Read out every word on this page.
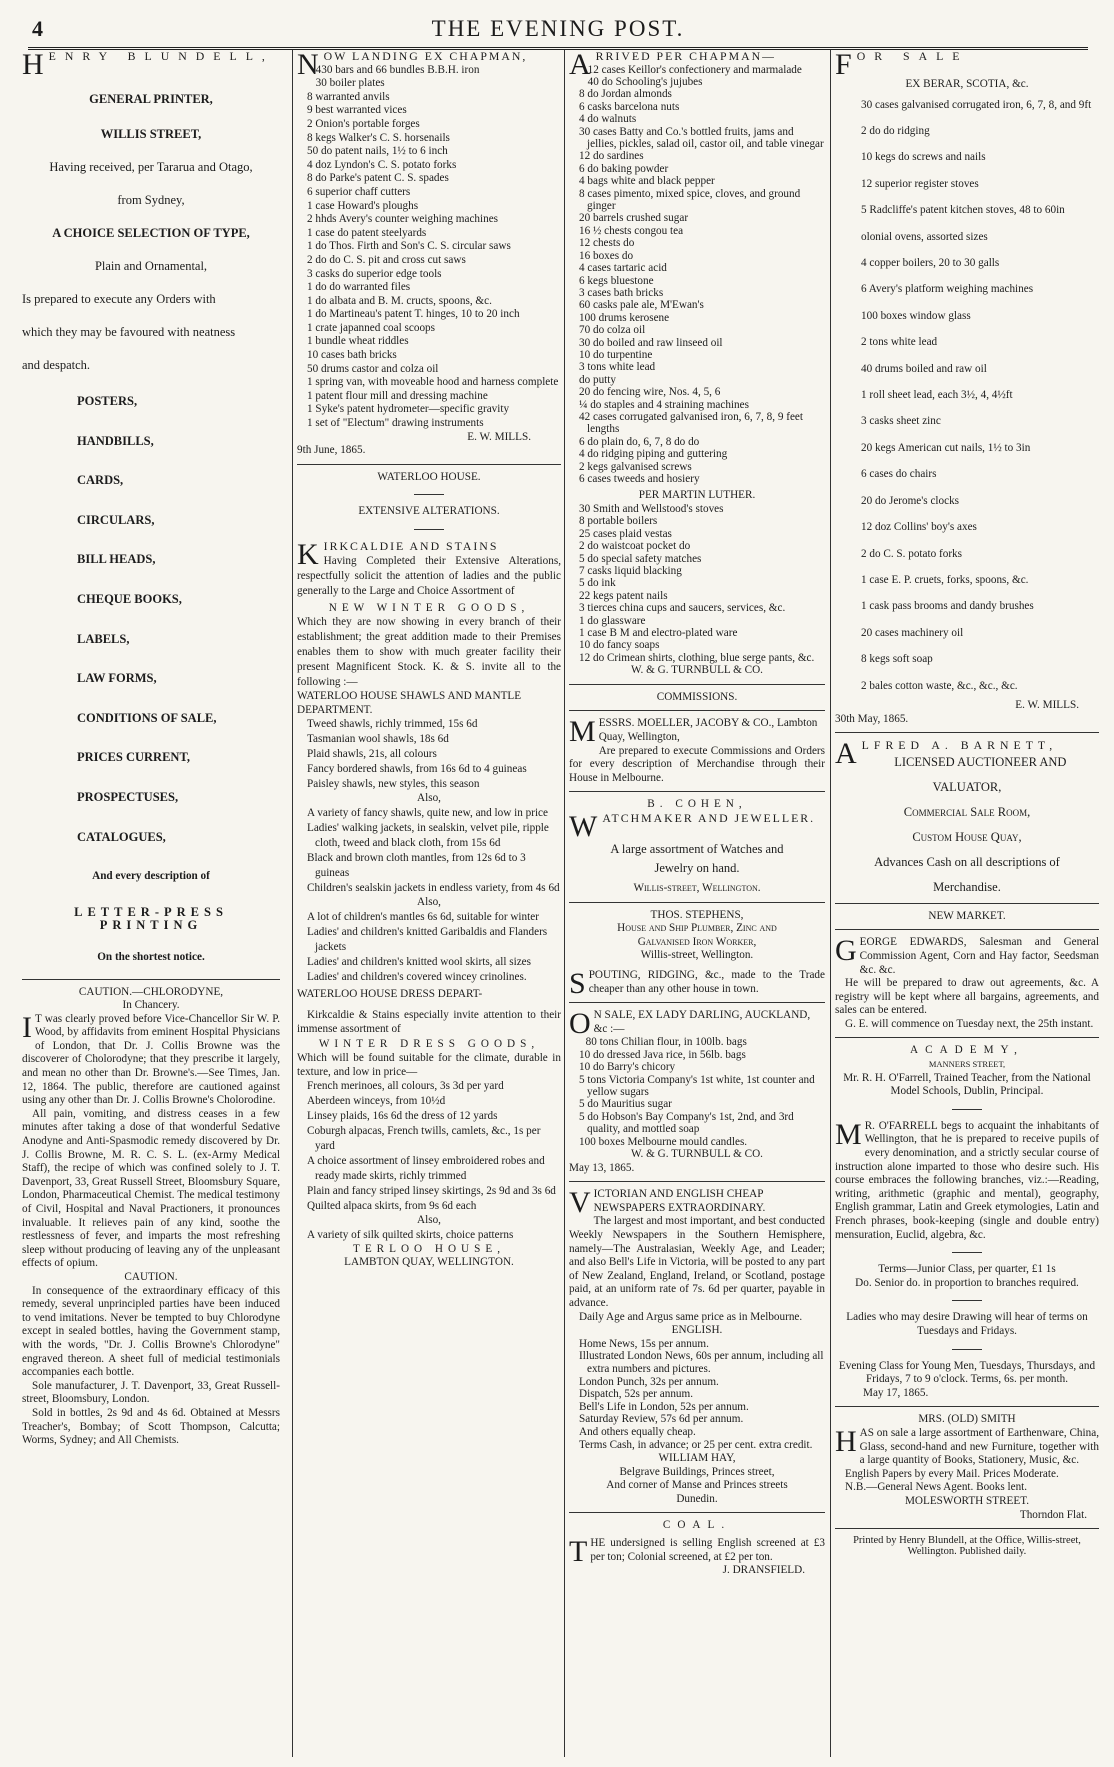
4	THE EVENING POST.

HENRY BLUNDELL,

GENERAL PRINTER,

WILLIS STREET,

Having received, per Tararua and Otago,

from Sydney,

A CHOICE SELECTION OF TYPE,

Plain and Ornamental,

Is prepared to execute any Orders with

which they may be favoured with neatness

and despatch.

POSTERS,

HANDBILLS,

CARDS,

CIRCULARS,

BILL HEADS,

CHEQUE BOOKS,

LABELS,

LAW FORMS,

CONDITIONS OF SALE,

PRICES CURRENT,

PROSPECTUSES,

CATALOGUES,

And every description of

LETTER-PRESS PRINTING

On the shortest notice.

CAUTION.—CHLORODYNE,

In Chancery.

I T was clearly proved before Vice-Chancellor Sir W. P. Wood, by affidavits from eminent Hospital Physicians of London, that Dr. J. Collis Browne was the discoverer of Cholorodyne; that they prescribe it largely, and mean no other than Dr. Browne's.—See Times, Jan. 12, 1864. The public, therefore are cautioned against using any other than Dr. J. Collis Browne's Cholorodine.

All pain, vomiting, and distress ceases in a few minutes after taking a dose of that wonderful Sedative Anodyne and Anti-Spasmodic remedy discovered by Dr. J. Collis Browne, M. R. C. S. L. (ex-Army Medical Staff), the recipe of which was confined solely to J. T. Davenport, 33, Great Russell Street, Bloomsbury Square, London, Pharmaceutical Chemist. The medical testimony of Civil, Hospital and Naval Practioners, it pronounces invaluable. It relieves pain of any kind, soothe the restlessness of fever, and imparts the most refreshing sleep without producing of leaving any of the unpleasant effects of opium.

CAUTION.

In consequence of the extraordinary efficacy of this remedy, several unprincipled parties have been induced to vend imitations. Never be tempted to buy Chlorodyne except in sealed bottles, having the Government stamp, with the words, "Dr. J. Collis Browne's Chlorodyne" engraved thereon. A sheet full of medicial testimonials accompanies each bottle.

Sole manufacturer, J. T. Davenport, 33, Great Russell-street, Bloomsbury, London.

Sold in bottles, 2s 9d and 4s 6d. Obtained at Messrs Treacher's, Bombay; of Scott Thompson, Calcutta; Worms, Sydney; and All Chemists.

NOW LANDING EX CHAPMAN,

430 bars and 66 bundles B.B.H. iron

30 boiler plates

8 warranted anvils

9 best warranted vices

2 Onion's portable forges

8 kegs Walker's C. S. horsenails

50 do patent nails, 1½ to 6 inch

4 doz Lyndon's C. S. potato forks

8 do Parke's patent C. S. spades

6 superior chaff cutters

1 case Howard's ploughs

2 hhds Avery's counter weighing machines

1 case do patent steelyards

1 do Thos. Firth and Son's C. S. circular saws

2 do do C. S. pit and cross cut saws

3 casks do superior edge tools

1 do do warranted files

1 do albata and B. M. cructs, spoons, &c.

1 do Martineau's patent T. hinges, 10 to 20 inch

1 crate japanned coal scoops

1 bundle wheat riddles

10 cases bath bricks

50 drums castor and colza oil

1 spring van, with moveable hood and harness complete

1 patent flour mill and dressing machine

1 Syke's patent hydrometer—specific gravity

1 set of "Electum" drawing instruments

E. W. MILLS.

9th June, 1865.

WATERLOO HOUSE.

EXTENSIVE ALTERATIONS.

KIRKCALDIE AND STAINS

Having Completed their Extensive Alterations, respectfully solicit the attention of ladies and the public generally to the Large and Choice Assortment of

NEW WINTER GOODS,

Which they are now showing in every branch of their establishment; the great addition made to their Premises enables them to show with much greater facility their present Magnificent Stock. K. & S. invite all to the following :—

WATERLOO HOUSE SHAWLS AND MANTLE DEPARTMENT.

Tweed shawls, richly trimmed, 15s 6d

Tasmanian wool shawls, 18s 6d

Plaid shawls, 21s, all colours

Fancy bordered shawls, from 16s 6d to 4 guineas

Paisley shawls, new styles, this season

Also,

A variety of fancy shawls, quite new, and low in price

Ladies' walking jackets, in sealskin, velvet pile, ripple cloth, tweed and black cloth, from 15s 6d

Black and brown cloth mantles, from 12s 6d to 3 guineas

Children's sealskin jackets in endless variety, from 4s 6d

Also,

A lot of children's mantles 6s 6d, suitable for winter

Ladies' and children's knitted Garibaldis and Flanders jackets

Ladies' and children's knitted wool skirts, all sizes

Ladies' and children's covered wincey crinolines.

WATERLOO HOUSE DRESS DEPART-

Kirkcaldie & Stains especially invite attention to their immense assortment of

WINTER DRESS GOODS,

Which will be found suitable for the climate, durable in texture, and low in price—

French merinoes, all colours, 3s 3d per yard

Aberdeen winceys, from 10½d

Linsey plaids, 16s 6d the dress of 12 yards

Coburgh alpacas, French twills, camlets, &c., 1s per yard

A choice assortment of linsey embroidered robes and ready made skirts, richly trimmed

Plain and fancy striped linsey skirtings, 2s 9d and 3s 6d

Quilted alpaca skirts, from 9s 6d each

Also,

A variety of silk quilted skirts, choice patterns

TERLOO HOUSE,

LAMBTON QUAY, WELLINGTON.

ARRIVED PER CHAPMAN—

12 cases Keillor's confectionery and marmalade

40 do Schooling's jujubes

8 do Jordan almonds

6 casks barcelona nuts

4 do walnuts

30 cases Batty and Co.'s bottled fruits, jams and jellies, pickles, salad oil, castor oil, and table vinegar

12 do sardines

6 do baking powder

4 bags white and black pepper

8 cases pimento, mixed spice, cloves, and ground ginger

20 barrels crushed sugar

16 ½ chests congou tea

12 chests do

16 boxes do

4 cases tartaric acid

6 kegs bluestone

3 cases bath bricks

60 casks pale ale, M'Ewan's

100 drums kerosene

70 do colza oil

30 do boiled and raw linseed oil

10 do turpentine

3 tons white lead

do putty

20 do fencing wire, Nos. 4, 5, 6

¼ do staples and 4 straining machines

42 cases corrugated galvanised iron, 6, 7, 8, 9 feet lengths

6 do plain do, 6, 7, 8 do do

4 do ridging piping and guttering

2 kegs galvanised screws

6 cases tweeds and hosiery

PER MARTIN LUTHER.

30 Smith and Wellstood's stoves

8 portable boilers

25 cases plaid vestas

2 do waistcoat pocket do

5 do special safety matches

7 casks liquid blacking

5 do ink

22 kegs patent nails

3 tierces china cups and saucers, services, &c.

1 do glassware

1 case B M and electro-plated ware

10 do fancy soaps

12 do Crimean shirts, clothing, blue serge pants, &c.

W. & G. TURNBULL & CO.

COMMISSIONS.

MESSRS. MOELLER, JACOBY & CO., Lambton Quay, Wellington,

Are prepared to execute Commissions and Orders for every description of Merchandise through their House in Melbourne.

B. COHEN,

WATCHMAKER AND JEWELLER.

A large assortment of Watches and

Jewelry on hand.

Willis-street, Wellington.

THOS. STEPHENS,

House and Ship Plumber, Zinc and

Galvanised Iron Worker,

Willis-street, Wellington.

SPOUTING, RIDGING, &c., made to the Trade cheaper than any other house in town.

O N SALE, EX LADY DARLING, AUCKLAND, &c :—

80 tons Chilian flour, in 100lb. bags

10 do dressed Java rice, in 56lb. bags

10 do Barry's chicory

5 tons Victoria Company's 1st white, 1st counter and yellow sugars

5 do Mauritius sugar

5 do Hobson's Bay Company's 1st, 2nd, and 3rd quality, and mottled soap

100 boxes Melbourne mould candles.

W. & G. TURNBULL & CO.

May 13, 1865.

VICTORIAN AND ENGLISH CHEAP NEWSPAPERS EXTRAORDINARY.

The largest and most important, and best conducted Weekly Newspapers in the Southern Hemisphere, namely—The Australasian, Weekly Age, and Leader; and also Bell's Life in Victoria, will be posted to any part of New Zealand, England, Ireland, or Scotland, postage paid, at an uniform rate of 7s. 6d per quarter, payable in advance.

Daily Age and Argus same price as in Melbourne.

ENGLISH.

Home News, 15s per annum.

Illustrated London News, 60s per annum, including all extra numbers and pictures.

London Punch, 32s per annum.

Dispatch, 52s per annum.

Bell's Life in London, 52s per annum.

Saturday Review, 57s 6d per annum.

And others equally cheap.

Terms Cash, in advance; or 25 per cent. extra credit.

WILLIAM HAY,

Belgrave Buildings, Princes street,

And corner of Manse and Princes streets

Dunedin.

COAL.

THE undersigned is selling English screened at £3 per ton; Colonial screened, at £2 per ton.

J. DRANSFIELD.

FOR SALE

EX BERAR, SCOTIA, &c.

30 cases galvanised corrugated iron, 6, 7, 8, and 9ft

2 do do ridging

10 kegs do screws and nails

12 superior register stoves

5 Radcliffe's patent kitchen stoves, 48 to 60in

olonial ovens, assorted sizes

4 copper boilers, 20 to 30 galls

6 Avery's platform weighing machines

100 boxes window glass

2 tons white lead

40 drums boiled and raw oil

1 roll sheet lead, each 3½, 4, 4½ft

3 casks sheet zinc

20 kegs American cut nails, 1½ to 3in

6 cases do chairs

20 do Jerome's clocks

12 doz Collins' boy's axes

2 do C. S. potato forks

1 case E. P. cruets, forks, spoons, &c.

1 cask pass brooms and dandy brushes

20 cases machinery oil

8 kegs soft soap

2 bales cotton waste, &c., &c., &c.

E. W. MILLS.

30th May, 1865.

ALFRED A. BARNETT,

LICENSED AUCTIONEER AND

VALUATOR,

Commercial Sale Room,

Custom House Quay,

Advances Cash on all descriptions of

Merchandise.

NEW MARKET.

GEORGE EDWARDS, Salesman and General Commission Agent, Corn and Hay factor, Seedsman &c. &c.

He will be prepared to draw out agreements, &c. A registry will be kept where all bargains, agreements, and sales can be entered.

G. E. will commence on Tuesday next, the 25th instant.

ACADEMY,

MANNERS STREET,

Mr. R. H. O'Farrell, Trained Teacher, from the National Model Schools, Dublin, Principal.

M R. O'FARRELL begs to acquaint the inhabitants of Wellington, that he is prepared to receive pupils of every denomination, and a strictly secular course of instruction alone imparted to those who desire such. His course embraces the following branches, viz.:—Reading, writing, arithmetic (graphic and mental), geography, English grammar, Latin and Greek etymologies, Latin and French phrases, book-keeping (single and double entry) mensuration, Euclid, algebra, &c.

Terms—Junior Class, per quarter, £1 1s

Do. Senior do. in proportion to branches required.

Ladies who may desire Drawing will hear of terms on Tuesdays and Fridays.

Evening Class for Young Men, Tuesdays, Thursdays, and Fridays, 7 to 9 o'clock. Terms, 6s. per month.

May 17, 1865.

MRS. (OLD) SMITH

HAS on sale a large assortment of Earthenware, China, Glass, second-hand and new Furniture, together with a large quantity of Books, Stationery, Music, &c.

English Papers by every Mail. Prices Moderate.

N.B.—General News Agent. Books lent.

MOLESWORTH STREET.

Thorndon Flat.

Printed by Henry Blundell, at the Office, Willis-street, Wellington. Published daily.
